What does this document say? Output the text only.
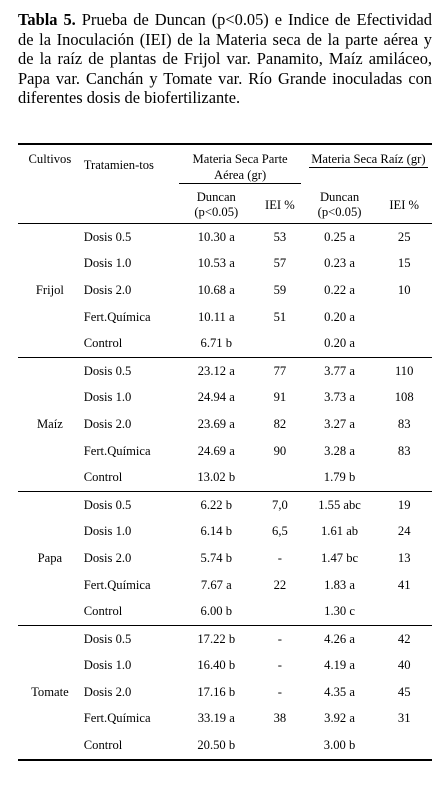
Tabla 5. Prueba de Duncan (p<0.05) e Indice de Efectividad de la Inoculación (IEI) de la Materia seca de la parte aérea y de la raíz de plantas de Frijol var. Panamito, Maíz amiláceo, Papa var. Canchán y Tomate var. Río Grande inoculadas con diferentes dosis de biofertilizante.
Cultivos	Tratamien-tos	Materia Seca Parte Aérea (gr)		Materia Seca Raíz (gr)	

		Duncan (p<0.05)	IEI %	Duncan (p<0.05)	IEI %
Frijol	Dosis 0.5	10.30 a	53	0.25 a	25
	Dosis 1.0	10.53 a	57	0.23 a	15
	Dosis 2.0	10.68 a	59	0.22 a	10
	Fert.Química	10.11 a	51	0.20 a	
	Control	6.71 b		0.20 a	
Maíz	Dosis 0.5	23.12 a	77	3.77 a	110
	Dosis 1.0	24.94 a	91	3.73 a	108
	Dosis 2.0	23.69 a	82	3.27 a	83
	Fert.Química	24.69 a	90	3.28 a	83
	Control	13.02 b		1.79 b	
Papa	Dosis 0.5	6.22 b	7,0	1.55 abc	19
	Dosis 1.0	6.14 b	6,5	1.61 ab	24
	Dosis 2.0	5.74 b	-	1.47 bc	13
	Fert.Química	7.67 a	22	1.83 a	41
	Control	6.00 b		1.30 c	
Tomate	Dosis 0.5	17.22 b	-	4.26 a	42
	Dosis 1.0	16.40 b	-	4.19 a	40
	Dosis 2.0	17.16 b	-	4.35 a	45
	Fert.Química	33.19 a	38	3.92 a	31
	Control	20.50 b		3.00 b	
